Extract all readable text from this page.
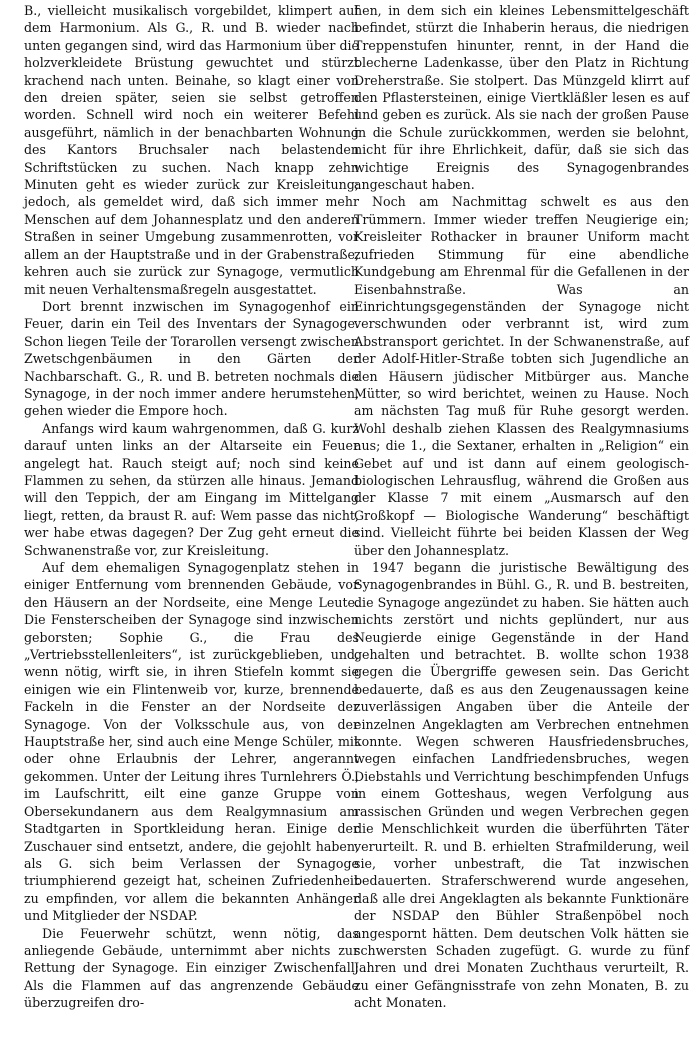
B., vielleicht musikalisch vorgebildet, klimpert auf dem Harmonium. Als G., R. und B. wieder nach unten gegangen sind, wird das Harmonium über die holzverkleidete Brüstung gewuchtet und stürzt krachend nach unten. Beinahe, so klagt einer von den dreien später, seien sie selbst getroffen worden. Schnell wird noch ein weiterer Befehl ausgeführt, nämlich in der benachbarten Wohnung des Kantors Bruchsaler nach belastenden Schriftstücken zu suchen. Nach knapp zehn Minuten geht es wieder zurück zur Kreisleitung; jedoch, als gemeldet wird, daß sich immer mehr Menschen auf dem Johannesplatz und den anderen Straßen in seiner Umgebung zusammenrotten, vor allem an der Hauptstraße und in der Grabenstraße, kehren auch sie zurück zur Synagoge, vermutlich mit neuen Verhaltensmaßregeln ausgestattet.

Dort brennt inzwischen im Synagogenhof ein Feuer, darin ein Teil des Inventars der Synagoge. Schon liegen Teile der Torarollen versengt zwischen Zwetschgenbäumen in den Gärten der Nachbarschaft. G., R. und B. betreten nochmals die Synagoge, in der noch immer andere herumstehen, gehen wieder die Empore hoch.

Anfangs wird kaum wahrgenommen, daß G. kurz darauf unten links an der Altarseite ein Feuer angelegt hat. Rauch steigt auf; noch sind keine Flammen zu sehen, da stürzen alle hinaus. Jemand will den Teppich, der am Eingang im Mittelgang liegt, retten, da braust R. auf: Wem passe das nicht, wer habe etwas dagegen? Der Zug geht erneut die Schwanenstraße vor, zur Kreisleitung.

Auf dem ehemaligen Synagogenplatz stehen in einiger Entfernung vom brennenden Gebäude, vor den Häusern an der Nordseite, eine Menge Leute. Die Fensterscheiben der Synagoge sind inzwischen geborsten; Sophie G., die Frau des „Vertriebsstellenleiters“, ist zurückgeblieben, und, wenn nötig, wirft sie, in ihren Stiefeln kommt sie einigen wie ein Flintenweib vor, kurze, brennende Fackeln in die Fenster an der Nordseite der Synagoge. Von der Volksschule aus, von der Hauptstraße her, sind auch eine Menge Schüler, mit oder ohne Erlaubnis der Lehrer, angerannt gekommen. Unter der Leitung ihres Turnlehrers Ö., im Laufschritt, eilt eine ganze Gruppe von Obersekundanern aus dem Realgymnasium am Stadtgarten in Sportkleidung heran. Einige der Zuschauer sind entsetzt, andere, die gejohlt haben, als G. sich beim Verlassen der Synagoge triumphierend gezeigt hat, scheinen Zufriedenheit zu empfinden, vor allem die bekannten Anhänger und Mitglieder der NSDAP.

Die Feuerwehr schützt, wenn nötig, das anliegende Gebäude, unternimmt aber nichts zur Rettung der Synagoge. Ein einziger Zwischenfall: Als die Flammen auf das angrenzende Gebäude überzugreifen dro-

hen, in dem sich ein kleines Lebensmittelgeschäft befindet, stürzt die Inhaberin heraus, die niedrigen Treppenstufen hinunter, rennt, in der Hand die blecherne Ladenkasse, über den Platz in Richtung Dreherstraße. Sie stolpert. Das Münzgeld klirrt auf den Pflastersteinen, einige Viertkläßler lesen es auf und geben es zurück. Als sie nach der großen Pause in die Schule zurückkommen, werden sie belohnt, nicht für ihre Ehrlichkeit, dafür, daß sie sich das wichtige Ereignis des Synagogenbrandes angeschaut haben.

Noch am Nachmittag schwelt es aus den Trümmern. Immer wieder treffen Neugierige ein; Kreisleiter Rothacker in brauner Uniform macht zufrieden Stimmung für eine abendliche Kundgebung am Ehrenmal für die Gefallenen in der Eisenbahnstraße. Was an Einrichtungsgegenständen der Synagoge nicht verschwunden oder verbrannt ist, wird zum Abstransport gerichtet. In der Schwanenstraße, auf der Adolf-Hitler-Straße tobten sich Jugendliche an den Häusern jüdischer Mitbürger aus. Manche Mütter, so wird berichtet, weinen zu Hause. Noch am nächsten Tag muß für Ruhe gesorgt werden. Wohl deshalb ziehen Klassen des Realgymnasiums aus; die 1., die Sextaner, erhalten in „Religion“ ein Gebet auf und ist dann auf einem geologisch-biologischen Lehrausflug, während die Großen aus der Klasse 7 mit einem „Ausmarsch auf den Großkopf — Biologische Wanderung“ beschäftigt sind. Vielleicht führte bei beiden Klassen der Weg über den Johannesplatz.

1947 begann die juristische Bewältigung des Synagogenbrandes in Bühl. G., R. und B. bestreiten, die Synagoge angezündet zu haben. Sie hätten auch nichts zerstört und nichts geplündert, nur aus Neugierde einige Gegenstände in der Hand gehalten und betrachtet. B. wollte schon 1938 gegen die Übergriffe gewesen sein. Das Gericht bedauerte, daß es aus den Zeugenaussagen keine zuverlässigen Angaben über die Anteile der einzelnen Angeklagten am Verbrechen entnehmen konnte. Wegen schweren Hausfriedensbruches, wegen einfachen Landfriedensbruches, wegen Diebstahls und Verrichtung beschimpfenden Unfugs in einem Gotteshaus, wegen Verfolgung aus rassischen Gründen und wegen Verbrechen gegen die Menschlichkeit wurden die überführten Täter verurteilt. R. und B. erhielten Strafmilderung, weil sie, vorher unbestraft, die Tat inzwischen bedauerten. Straferschwerend wurde angesehen, daß alle drei Angeklagten als bekannte Funktionäre der NSDAP den Bühler Straßenpöbel noch angespornt hätten. Dem deutschen Volk hätten sie schwersten Schaden zugefügt. G. wurde zu fünf Jahren und drei Monaten Zuchthaus verurteilt, R. zu einer Gefängnisstrafe von zehn Monaten, B. zu acht Monaten.
